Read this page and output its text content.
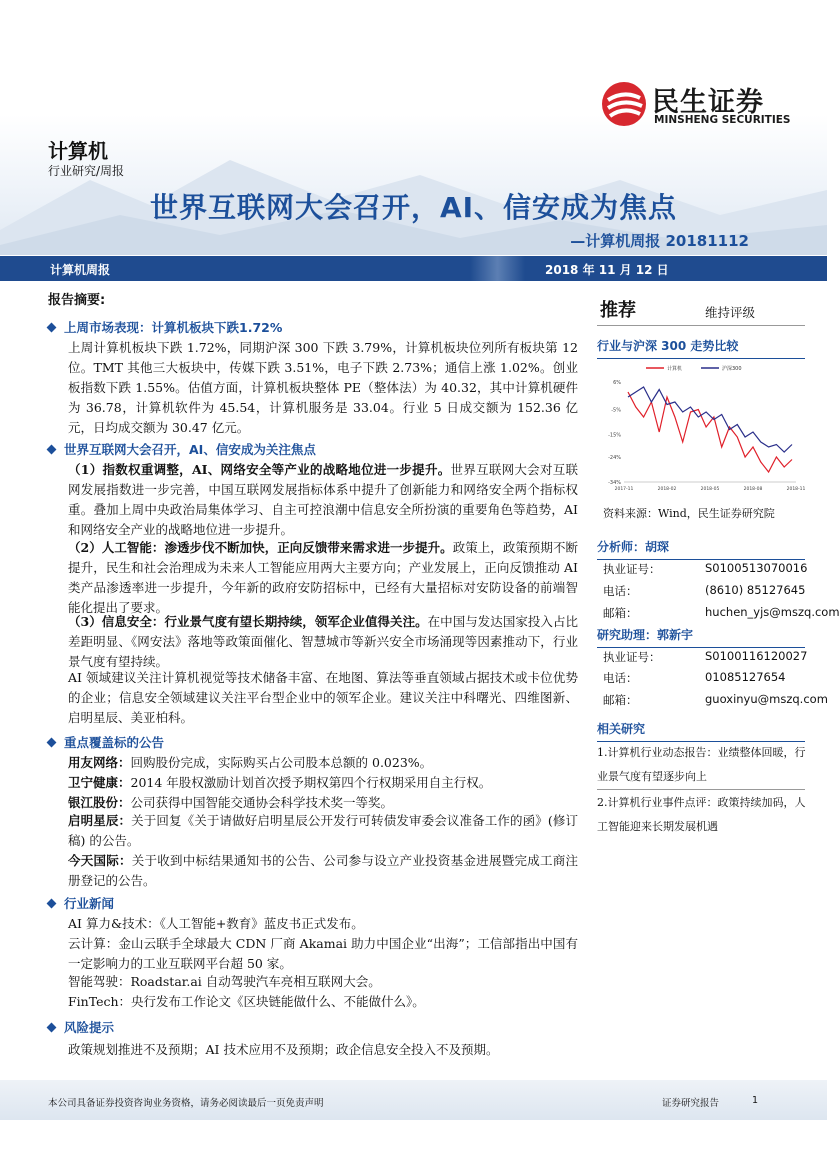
民生证券
MINSHENG SECURITIES
计算机
行业研究/周报
世界互联网大会召开，AI、信安成为焦点
—计算机周报 20181112
计算机周报	2018 年 11 月 12 日
报告摘要:
上周市场表现：计算机板块下跌1.72%
上周计算机板块下跌 1.72%，同期沪深 300 下跌 3.79%，计算机板块位列所有板块第 12 位。TMT 其他三大板块中，传媒下跌 3.51%，电子下跌 2.73%；通信上涨 1.02%。创业板指数下跌 1.55%。估值方面，计算机板块整体 PE（整体法）为 40.32，其中计算机硬件为 36.78，计算机软件为 45.54，计算机服务是 33.04。行业 5 日成交额为 152.36 亿元，日均成交额为 30.47 亿元。
世界互联网大会召开，AI、信安成为关注焦点
（1）指数权重调整，AI、网络安全等产业的战略地位进一步提升。世界互联网大会对互联网发展指数进一步完善，中国互联网发展指标体系中提升了创新能力和网络安全两个指标权重。叠加上周中央政治局集体学习、自主可控浪潮中信息安全所扮演的重要角色等趋势，AI 和网络安全产业的战略地位进一步提升。
（2）人工智能：渗透步伐不断加快，正向反馈带来需求进一步提升。政策上，政策预期不断提升，民生和社会治理成为未来人工智能应用两大主要方向；产业发展上，正向反馈推动 AI 类产品渗透率进一步提升，今年新的政府安防招标中，已经有大量招标对安防设备的前端智能化提出了要求。
（3）信息安全：行业景气度有望长期持续，领军企业值得关注。在中国与发达国家投入占比差距明显、《网安法》落地等政策面催化、智慧城市等新兴安全市场涌现等因素推动下，行业景气度有望持续。
AI 领域建议关注计算机视觉等技术储备丰富、在地图、算法等垂直领域占据技术或卡位优势的企业；信息安全领域建议关注平台型企业中的领军企业。建议关注中科曙光、四维图新、启明星辰、美亚柏科。
重点覆盖标的公告
用友网络：回购股份完成，实际购买占公司股本总额的 0.023%。
卫宁健康：2014 年股权激励计划首次授予期权第四个行权期采用自主行权。
银江股份：公司获得中国智能交通协会科学技术奖一等奖。
启明星辰：关于回复《关于请做好启明星辰公开发行可转债发审委会议准备工作的函》(修订稿) 的公告。
今天国际：关于收到中标结果通知书的公告、公司参与设立产业投资基金进展暨完成工商注册登记的公告。
行业新闻
AI 算力&技术：《人工智能+教育》蓝皮书正式发布。
云计算：金山云联手全球最大 CDN 厂商 Akamai 助力中国企业“出海”；工信部指出中国有一定影响力的工业互联网平台超 50 家。
智能驾驶：Roadstar.ai 自动驾驶汽车亮相互联网大会。
FinTech：央行发布工作论文《区块链能做什么、不能做什么》。
风险提示
政策规划推进不及预期；AI 技术应用不及预期；政企信息安全投入不及预期。
推荐	维持评级
行业与沪深 300 走势比较
6%
-5%
-15%
-24%
-34%
2017-11	2018-02	2018-05	2018-08	2018-11
计算机	沪深300
资料来源：Wind，民生证券研究院
分析师：胡琛
执业证号：	S0100513070016
电话：	(8610) 85127645
邮箱：	huchen_yjs@mszq.com
研究助理：郭新宇
执业证号：	S0100116120027
电话：	01085127654
邮箱：	guoxinyu@mszq.com
相关研究
1.计算机行业动态报告：业绩整体回暖，行业景气度有望逐步向上
2.计算机行业事件点评：政策持续加码，人工智能迎来长期发展机遇
本公司具备证券投资咨询业务资格，请务必阅读最后一页免责声明	证券研究报告	1
